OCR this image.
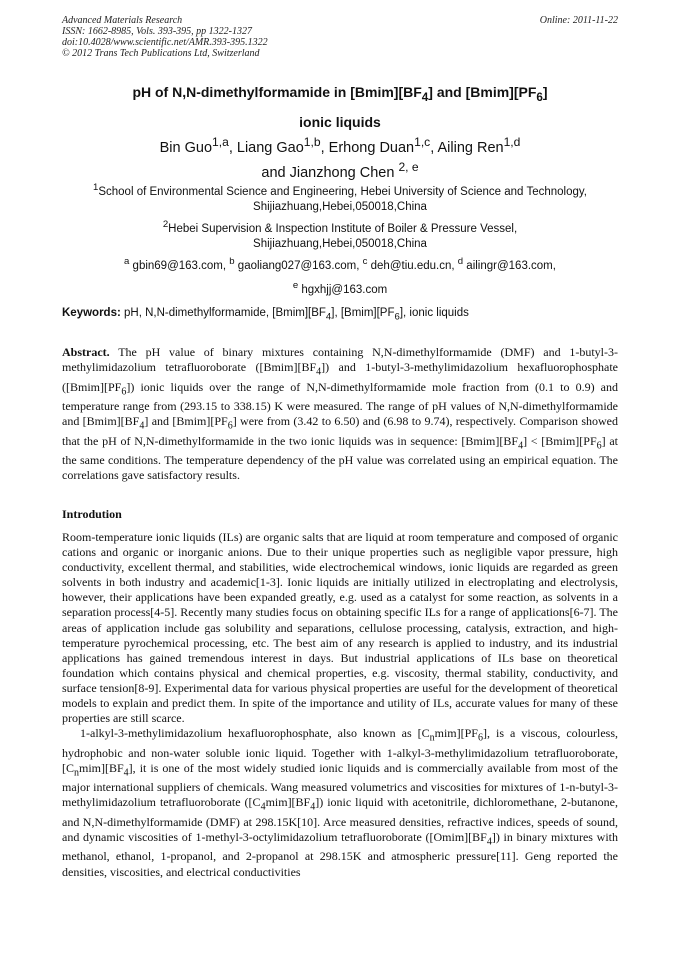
Advanced Materials Research
ISSN: 1662-8985, Vols. 393-395, pp 1322-1327
doi:10.4028/www.scientific.net/AMR.393-395.1322
© 2012 Trans Tech Publications Ltd, Switzerland
Online: 2011-11-22
pH of N,N-dimethylformamide in $[Bmim][BF_4]$ and $[Bmim][PF_6]$
ionic liquids
Bin Guo$^{1,a}$, Liang Gao$^{1,b}$, Erhong Duan$^{1,c}$, Ailing Ren$^{1,d}$
and Jianzhong Chen $^{2, e}$
$^1$School of Environmental Science and Engineering, Hebei University of Science and Technology,
Shijiazhuang,Hebei,050018,China
$^2$Hebei Supervision & Inspection Institute of Boiler & Pressure Vessel,
Shijiazhuang,Hebei,050018,China
$^a$ gbin69@163.com, $^b$ gaoliang027@163.com, $^c$ deh@tiu.edu.cn, $^d$ ailingr@163.com,
$^e$ hgxhjj@163.com
Keywords: pH, N,N-dimethylformamide, $[Bmim][BF_4]$, $[Bmim][PF_6]$, ionic liquids
Abstract. The pH value of binary mixtures containing N,N-dimethylformamide (DMF) and 1-butyl-3-methylimidazolium tetrafluoroborate $([Bmim][BF_4])$ and 1-butyl-3-methylimidazolium hexafluorophosphate $([Bmim][PF_6])$ ionic liquids over the range of N,N-dimethylformamide mole fraction from (0.1 to 0.9) and temperature range from (293.15 to 338.15) K were measured. The range of pH values of N,N-dimethylformamide and $[Bmim][BF_4]$ and $[Bmim][PF_6]$ were from (3.42 to 6.50) and (6.98 to 9.74), respectively. Comparison showed that the pH of N,N-dimethylformamide in the two ionic liquids was in sequence: $[Bmim][BF_4]$ < $[Bmim][PF_6]$ at the same conditions. The temperature dependency of the pH value was correlated using an empirical equation. The correlations gave satisfactory results.
Introdution

Room-temperature ionic liquids (ILs) are organic salts that are liquid at room temperature and composed of organic cations and organic or inorganic anions. Due to their unique properties such as negligible vapor pressure, high conductivity, excellent thermal, and stabilities, wide electrochemical windows, ionic liquids are regarded as green solvents in both industry and academic[1-3]. Ionic liquids are initially utilized in electroplating and electrolysis, however, their applications have been expanded greatly, e.g. used as a catalyst for some reaction, as solvents in a separation process[4-5]. Recently many studies focus on obtaining specific ILs for a range of applications[6-7]. The areas of application include gas solubility and separations, cellulose processing, catalysis, extraction, and high-temperature pyrochemical processing, etc. The best aim of any research is applied to industry, and its industrial applications has gained tremendous interest in days. But industrial applications of ILs base on theoretical foundation which contains physical and chemical properties, e.g. viscosity, thermal stability, conductivity, and surface tension[8-9]. Experimental data for various physical properties are useful for the development of theoretical models to explain and predict them. In spite of the importance and utility of ILs, accurate values for many of these properties are still scarce.

1-alkyl-3-methylimidazolium hexafluorophosphate, also known as $[C_nmim][PF_6]$, is a viscous, colourless, hydrophobic and non-water soluble ionic liquid. Together with 1-alkyl-3-methylimidazolium tetrafluoroborate, $[C_nmim][BF_4]$, it is one of the most widely studied ionic liquids and is commercially available from most of the major international suppliers of chemicals. Wang measured volumetrics and viscosities for mixtures of 1-n-butyl-3-methylimidazolium tetrafluoroborate $([C_4mim][BF_4])$ ionic liquid with acetonitrile, dichloromethane, 2-butanone, and N,N-dimethylformamide (DMF) at 298.15K[10]. Arce measured densities, refractive indices, speeds of sound, and dynamic viscosities of 1-methyl-3-octylimidazolium tetrafluoroborate $([Omim][BF_4])$ in binary mixtures with methanol, ethanol, 1-propanol, and 2-propanol at 298.15K and atmospheric pressure[11]. Geng reported the densities, viscosities, and electrical conductivities
